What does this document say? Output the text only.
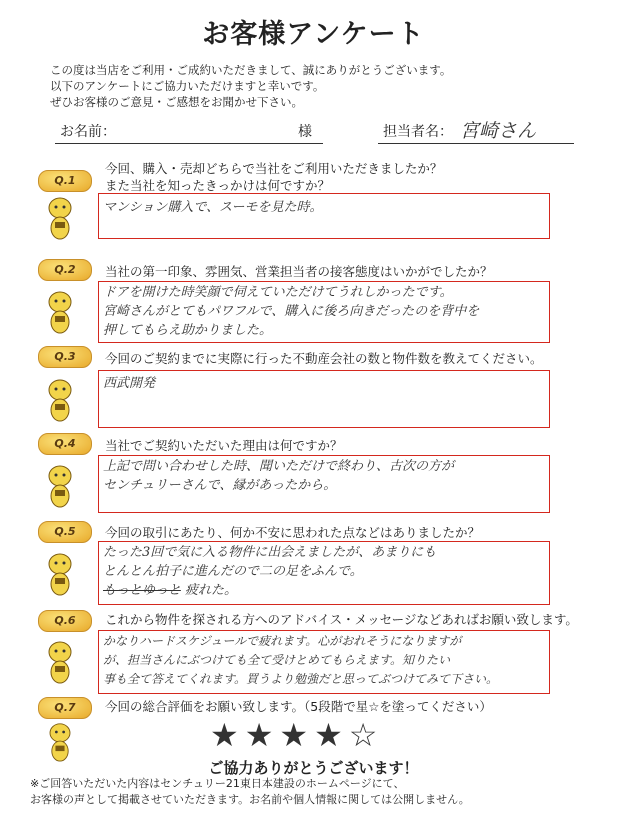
お客様アンケート
この度は当店をご利用・ご成約いただきまして、誠にありがとうございます。
以下のアンケートにご協力いただけますと幸いです。
ぜひお客様のご意見・ご感想をお聞かせ下さい。
お名前：	様	担当者名： 宮崎さん
Q.1
今回、購入・売却どちらで当社をご利用いただきましたか？
また当社を知ったきっかけは何ですか？
マンション購入で、スーモを見た時。
Q.2	当社の第一印象、雰囲気、営業担当者の接客態度はいかがでしたか？
ドアを開けた時笑顔で伺えていただけてうれしかったです。
宮崎さんがとてもパワフルで、購入に後ろ向きだったのを背中を
押してもらえ助かりました。
Q.3	今回のご契約までに実際に行った不動産会社の数と物件数を教えてください。
西武開発
Q.4	当社でご契約いただいた理由は何ですか？
上記で問い合わせした時、聞いただけで終わり、古次の方が
センチュリーさんで、縁があったから。
Q.5	今回の取引にあたり、何か不安に思われた点などはありましたか？
たった3回で気に入る物件に出会えましたが、あまりにも
とんとん拍子に進んだので二の足をふんで。
もっとゆっと 疲れた。
Q.6	これから物件を探される方へのアドバイス・メッセージなどあればお願い致します。
かなりハードスケジュールで疲れます。心がおれそうになりますが
が、担当さんにぶつけても全て受けとめてもらえます。知りたい
事も全て答えてくれます。買うより勉強だと思ってぶつけてみて下さい。
Q.7	今回の総合評価をお願い致します。（5段階で星☆を塗ってください）
★★★★☆
ご協力ありがとうございます！
※ご回答いただいた内容はセンチュリー21東日本建設のホームページにて、
お客様の声として掲載させていただきます。お名前や個人情報に関しては公開しません。
